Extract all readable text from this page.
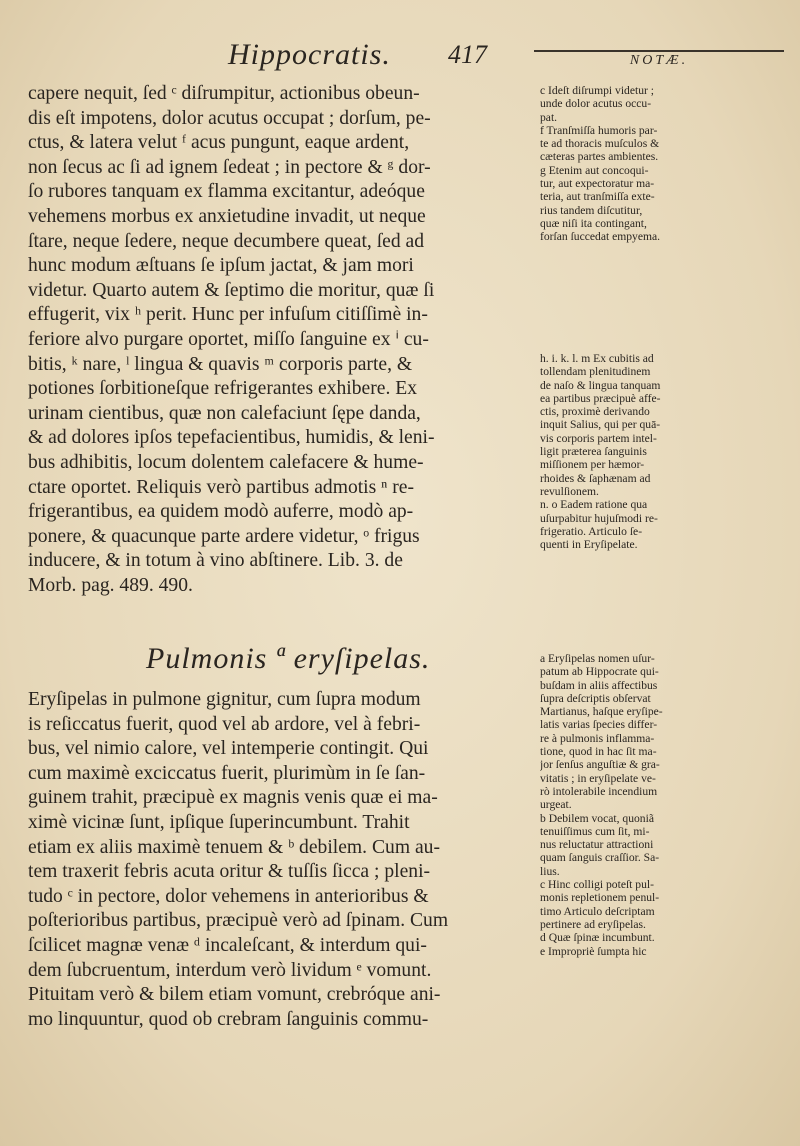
Hippocratis. 417	NOTÆ.
capere nequit, ſed ᶜ diſrumpitur, actionibus obeun-
dis eſt impotens, dolor acutus occupat ; dorſum, pe-
ctus, & latera velut ᶠ acus pungunt, eaque ardent,
non ſecus ac ſi ad ignem ſedeat ; in pectore & ᵍ dor-
ſo rubores tanquam ex flamma excitantur, adeóque
vehemens morbus ex anxietudine invadit, ut neque
ſtare, neque ſedere, neque decumbere queat, ſed ad
hunc modum æſtuans ſe ipſum jactat, & jam mori
videtur. Quarto autem & ſeptimo die moritur, quæ ſi
effugerit, vix ʰ perit. Hunc per infuſum citiſſimè in-
feriore alvo purgare oportet, miſſo ſanguine ex ⁱ cu-
bitis, ᵏ nare, ˡ lingua & quavis ᵐ corporis parte, &
potiones ſorbitioneſque refrigerantes exhibere. Ex
urinam cientibus, quæ non calefaciunt ſępe danda,
& ad dolores ipſos tepefacientibus, humidis, & leni-
bus adhibitis, locum dolentem calefacere & hume-
ctare oportet. Reliquis verò partibus admotis ⁿ re-
frigerantibus, ea quidem modò auferre, modò ap-
ponere, & quacunque parte ardere videtur, ᵒ frigus
inducere, & in totum à vino abſtinere. Lib. 3. de
Morb. pag. 489. 490.
c Ideſt diſrumpi videtur ;
unde dolor acutus occu-
pat.
f Tranſmiſſa humoris par-
te ad thoracis muſculos &
cæteras partes ambientes.
g Etenim aut concoqui-
tur, aut expectoratur ma-
teria, aut tranſmiſſa exte-
rius tandem diſcutitur,
quæ niſi ita contingant,
forſan ſuccedat empyema.
h. i. k. l. m Ex cubitis ad
tollendam plenitudinem
de naſo & lingua tanquam
ea partibus præcipuè affe-
ctis, proximè derivando
inquit Salius, qui per quā-
vis corporis partem intel-
ligit prætereа ſanguinis
miſſionem per hæmor-
rhoides & ſaphænam ad
revulſionem.
n. o Eadem ratione qua
uſurpabitur hujuſmodi re-
frigeratio. Articulo ſe-
quenti in Eryſipelate.
Pulmonis ª eryſipelas.
Eryſipelas in pulmone gignitur, cum ſupra modum
is reſiccatus fuerit, quod vel ab ardore, vel à febri-
bus, vel nimio calore, vel intemperie contingit. Qui
cum maximè exciccatus fuerit, plurimùm in ſe ſan-
guinem trahit, præcipuè ex magnis venis quæ ei ma-
ximè vicinæ ſunt, ipſique ſuperincumbunt. Trahit
etiam ex aliis maximè tenuem & ᵇ debilem. Cum au-
tem traxerit febris acuta oritur & tuſſis ſicca ; pleni-
tudo ᶜ in pectore, dolor vehemens in anterioribus &
poſterioribus partibus, præcipuè verò ad ſpinam. Cum
ſcilicet magnæ venæ ᵈ incaleſcant, & interdum qui-
dem ſubcruentum, interdum verò lividum ᵉ vomunt.
Pituitam verò & bilem etiam vomunt, crebróque ani-
mo linquuntur, quod ob crebram ſanguinis commu-
a Eryſipelas nomen uſur-
patum ab Hippocrate qui-
buſdam in aliis affectibus
ſupra deſcriptis obſervat
Martianus, haſque eryſipe-
latis varias ſpecies differ-
re à pulmonis inflamma-
tione, quod in hac ſit ma-
jor ſenſus anguſtiæ & gra-
vitatis ; in eryſipelate ve-
rò intolerabile incendium
urgeat.
b Debilem vocat, quoniã
tenuiſſimus cum ſit, mi-
nus reluctatur attractioni
quam ſanguis craſſior. Sa-
lius.
c Hinc colligi poteſt pul-
monis repletionem penul-
timo Articulo deſcriptam
pertinere ad eryſipelas.
d Quæ ſpinæ incumbunt.
e Impropriè ſumpta hic
